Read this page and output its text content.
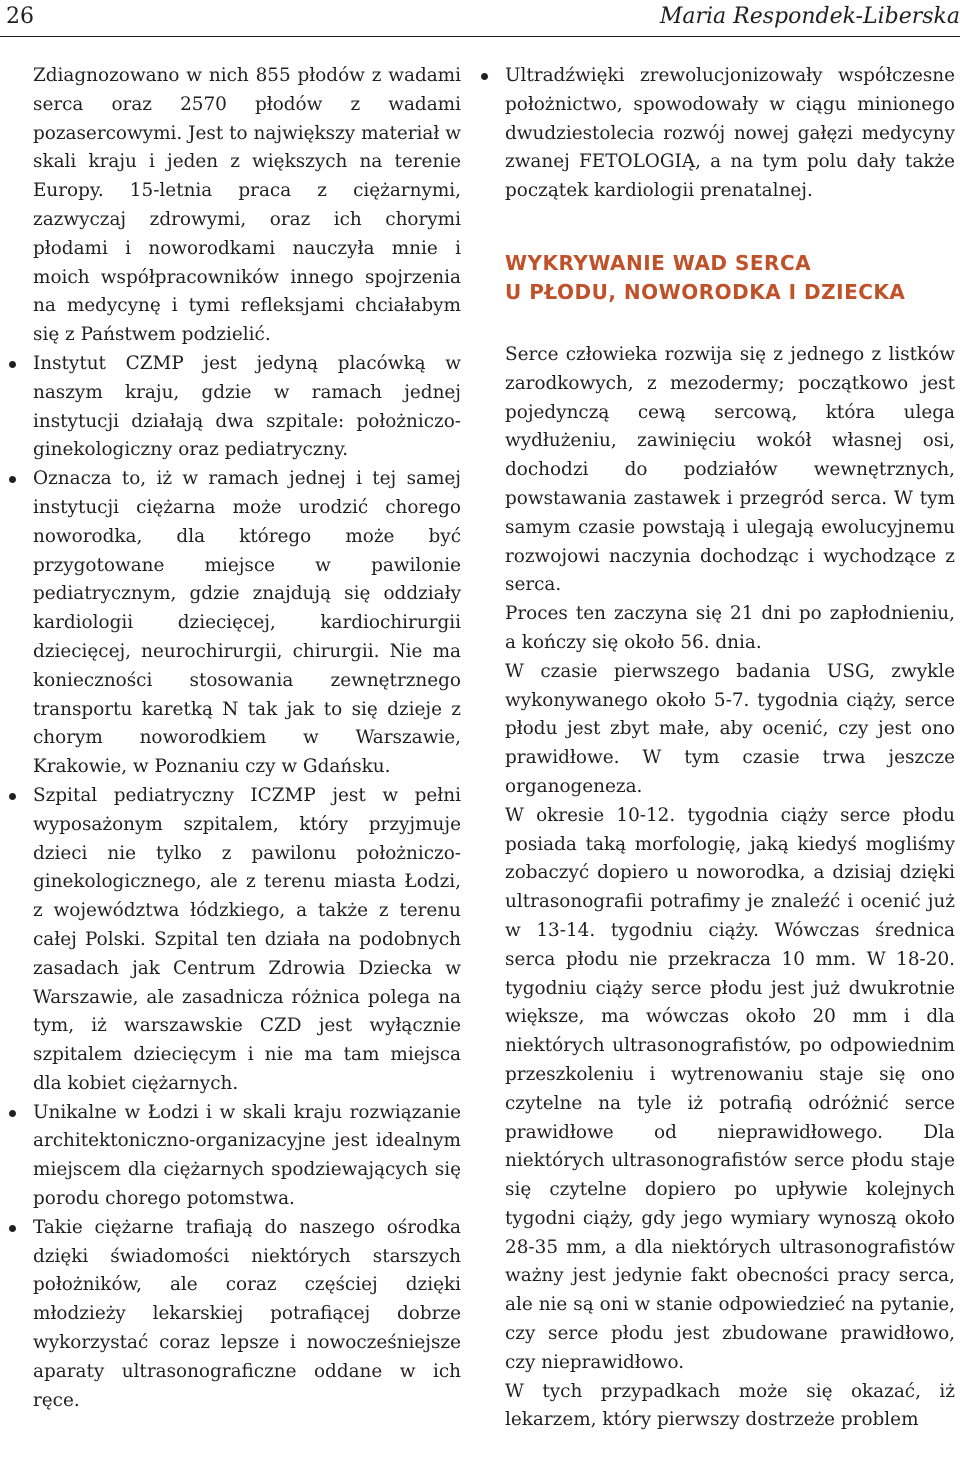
26	Maria Respondek-Liberska

Zdiagnozowano w nich 855 płodów z wadami serca oraz 2570 płodów z wadami pozasercowymi. Jest to największy materiał w skali kraju i jeden z większych na terenie Europy. 15-letnia praca z ciężarnymi, zazwyczaj zdrowymi, oraz ich chorymi płodami i noworodkami nauczyła mnie i moich współpracowników innego spojrzenia na medycynę i tymi refleksjami chciałabym się z Państwem podzielić.

Instytut CZMP jest jedyną placówką w naszym kraju, gdzie w ramach jednej instytucji działają dwa szpitale: położniczo-ginekologiczny oraz pediatryczny.
Oznacza to, iż w ramach jednej i tej samej instytucji ciężarna może urodzić chorego noworodka, dla którego może być przygotowane miejsce w pawilonie pediatrycznym, gdzie znajdują się oddziały kardiologii dziecięcej, kardiochirurgii dziecięcej, neurochirurgii, chirurgii. Nie ma konieczności stosowania zewnętrznego transportu karetką N tak jak to się dzieje z chorym noworodkiem w Warszawie, Krakowie, w Poznaniu czy w Gdańsku.
Szpital pediatryczny ICZMP jest w pełni wyposażonym szpitalem, który przyjmuje dzieci nie tylko z pawilonu położniczo-ginekologicznego, ale z terenu miasta Łodzi, z województwa łódzkiego, a także z terenu całej Polski. Szpital ten działa na podobnych zasadach jak Centrum Zdrowia Dziecka w Warszawie, ale zasadnicza różnica polega na tym, iż warszawskie CZD jest wyłącznie szpitalem dziecięcym i nie ma tam miejsca dla kobiet ciężarnych.
Unikalne w Łodzi i w skali kraju rozwiązanie architektoniczno-organizacyjne jest idealnym miejscem dla ciężarnych spodziewających się porodu chorego potomstwa.
Takie ciężarne trafiają do naszego ośrodka dzięki świadomości niektórych starszych położników, ale coraz częściej dzięki młodzieży lekarskiej potrafiącej dobrze wykorzystać coraz lepsze i nowocześniejsze aparaty ultrasonograficzne oddane w ich ręce.
Ultradźwięki zrewolucjonizowały współczesne położnictwo, spowodowały w ciągu minionego dwudziestolecia rozwój nowej gałęzi medycyny zwanej FETOLOGIĄ, a na tym polu dały także początek kardiologii prenatalnej.
WYKRYWANIE WAD SERCA
U PŁODU, NOWORODKA I DZIECKA

Serce człowieka rozwija się z jednego z listków zarodkowych, z mezodermy; początkowo jest pojedynczą cewą sercową, która ulega wydłużeniu, zawinięciu wokół własnej osi, dochodzi do podziałów wewnętrznych, powstawania zastawek i przegród serca. W tym samym czasie powstają i ulegają ewolucyjnemu rozwojowi naczynia dochodząc i wychodzące z serca.

Proces ten zaczyna się 21 dni po zapłodnieniu, a kończy się około 56. dnia.

W czasie pierwszego badania USG, zwykle wykonywanego około 5-7. tygodnia ciąży, serce płodu jest zbyt małe, aby ocenić, czy jest ono prawidłowe. W tym czasie trwa jeszcze organogeneza.

W okresie 10-12. tygodnia ciąży serce płodu posiada taką morfologię, jaką kiedyś mogliśmy zobaczyć dopiero u noworodka, a dzisiaj dzięki ultrasonografii potrafimy je znaleźć i ocenić już w 13-14. tygodniu ciąży. Wówczas średnica serca płodu nie przekracza 10 mm. W 18-20. tygodniu ciąży serce płodu jest już dwukrotnie większe, ma wówczas około 20 mm i dla niektórych ultrasonografistów, po odpowiednim przeszkoleniu i wytrenowaniu staje się ono czytelne na tyle iż potrafią odróżnić serce prawidłowe od nieprawidłowego. Dla niektórych ultrasonografistów serce płodu staje się czytelne dopiero po upływie kolejnych tygodni ciąży, gdy jego wymiary wynoszą około 28-35 mm, a dla niektórych ultrasonografistów ważny jest jedynie fakt obecności pracy serca, ale nie są oni w stanie odpowiedzieć na pytanie, czy serce płodu jest zbudowane prawidłowo, czy nieprawidłowo.

W tych przypadkach może się okazać, iż lekarzem, który pierwszy dostrzeże problem
